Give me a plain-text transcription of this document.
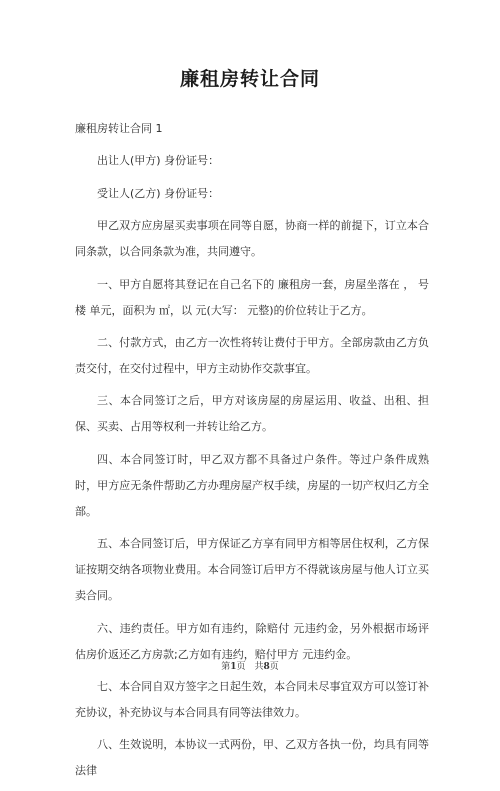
廉租房转让合同

廉租房转让合同 1

出让人(甲方) 身份证号：

受让人(乙方) 身份证号：

甲乙双方应房屋买卖事项在同等自愿，协商一样的前提下，订立本合同条款，以合同条款为准，共同遵守。

一、甲方自愿将其登记在自己名下的 廉租房一套，房屋坐落在 ， 号楼 单元，面积为 ㎡，以 元(大写： 元整)的价位转让于乙方。

二、付款方式，由乙方一次性将转让费付于甲方。全部房款由乙方负责交付，在交付过程中，甲方主动协作交款事宜。

三、本合同签订之后，甲方对该房屋的房屋运用、收益、出租、担保、买卖、占用等权利一并转让给乙方。

四、本合同签订时，甲乙双方都不具备过户条件。等过户条件成熟时，甲方应无条件帮助乙方办理房屋产权手续，房屋的一切产权归乙方全部。

五、本合同签订后，甲方保证乙方享有同甲方相等居住权利，乙方保证按期交纳各项物业费用。本合同签订后甲方不得就该房屋与他人订立买卖合同。

六、违约责任。甲方如有违约，除赔付 元违约金，另外根据市场评估房价返还乙方房款;乙方如有违约，赔付甲方 元违约金。

七、本合同自双方签字之日起生效，本合同未尽事宜双方可以签订补充协议，补充协议与本合同具有同等法律效力。

八、生效说明，本协议一式两份，甲、乙双方各执一份，均具有同等法律

第1页　共8页
